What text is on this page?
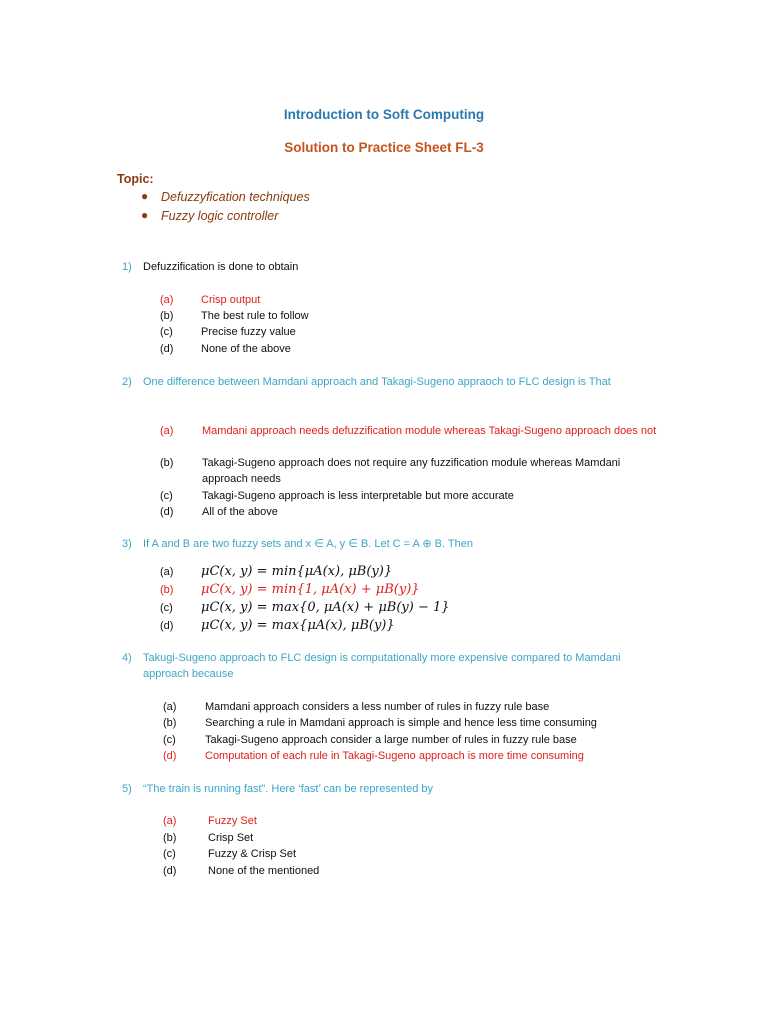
Introduction to Soft Computing
Solution to Practice Sheet FL-3
Topic:
● Defuzzyfication techniques
● Fuzzy logic controller
1) Defuzzification is done to obtain
(a)	Crisp output
(b)	The best rule to follow
(c)	Precise fuzzy value
(d)	None of the above
2) One difference between Mamdani approach and Takagi-Sugeno appraoch to FLC design is That
(a)	Mamdani approach needs defuzzification module whereas Takagi-Sugeno approach does not
(b)	Takagi-Sugeno approach does not require any fuzzification module whereas Mamdani approach needs
(c)	Takagi-Sugeno approach is less interpretable but more accurate
(d)	All of the above
3) If A and B are two fuzzy sets and x ∈ A, y ∈ B. Let C = A ⊕ B. Then
(a) μC(x, y) = min{μA(x), μB(y)}
(b) μC(x, y) = min{1, μA(x) + μB(y)}
(c) μC(x, y) = max{0, μA(x) + μB(y) − 1}
(d) μC(x, y) = max{μA(x), μB(y)}
4) Takugi-Sugeno approach to FLC design is computationally more expensive compared to Mamdani approach because
(a)	Mamdani approach considers a less number of rules in fuzzy rule base
(b)	Searching a rule in Mamdani approach is simple and hence less time consuming
(c)	Takagi-Sugeno approach consider a large number of rules in fuzzy rule base
(d)	Computation of each rule in Takagi-Sugeno approach is more time consuming
5) “The train is running fast”. Here ‘fast’ can be represented by
(a)	Fuzzy Set
(b)	Crisp Set
(c)	Fuzzy & Crisp Set
(d)	None of the mentioned
